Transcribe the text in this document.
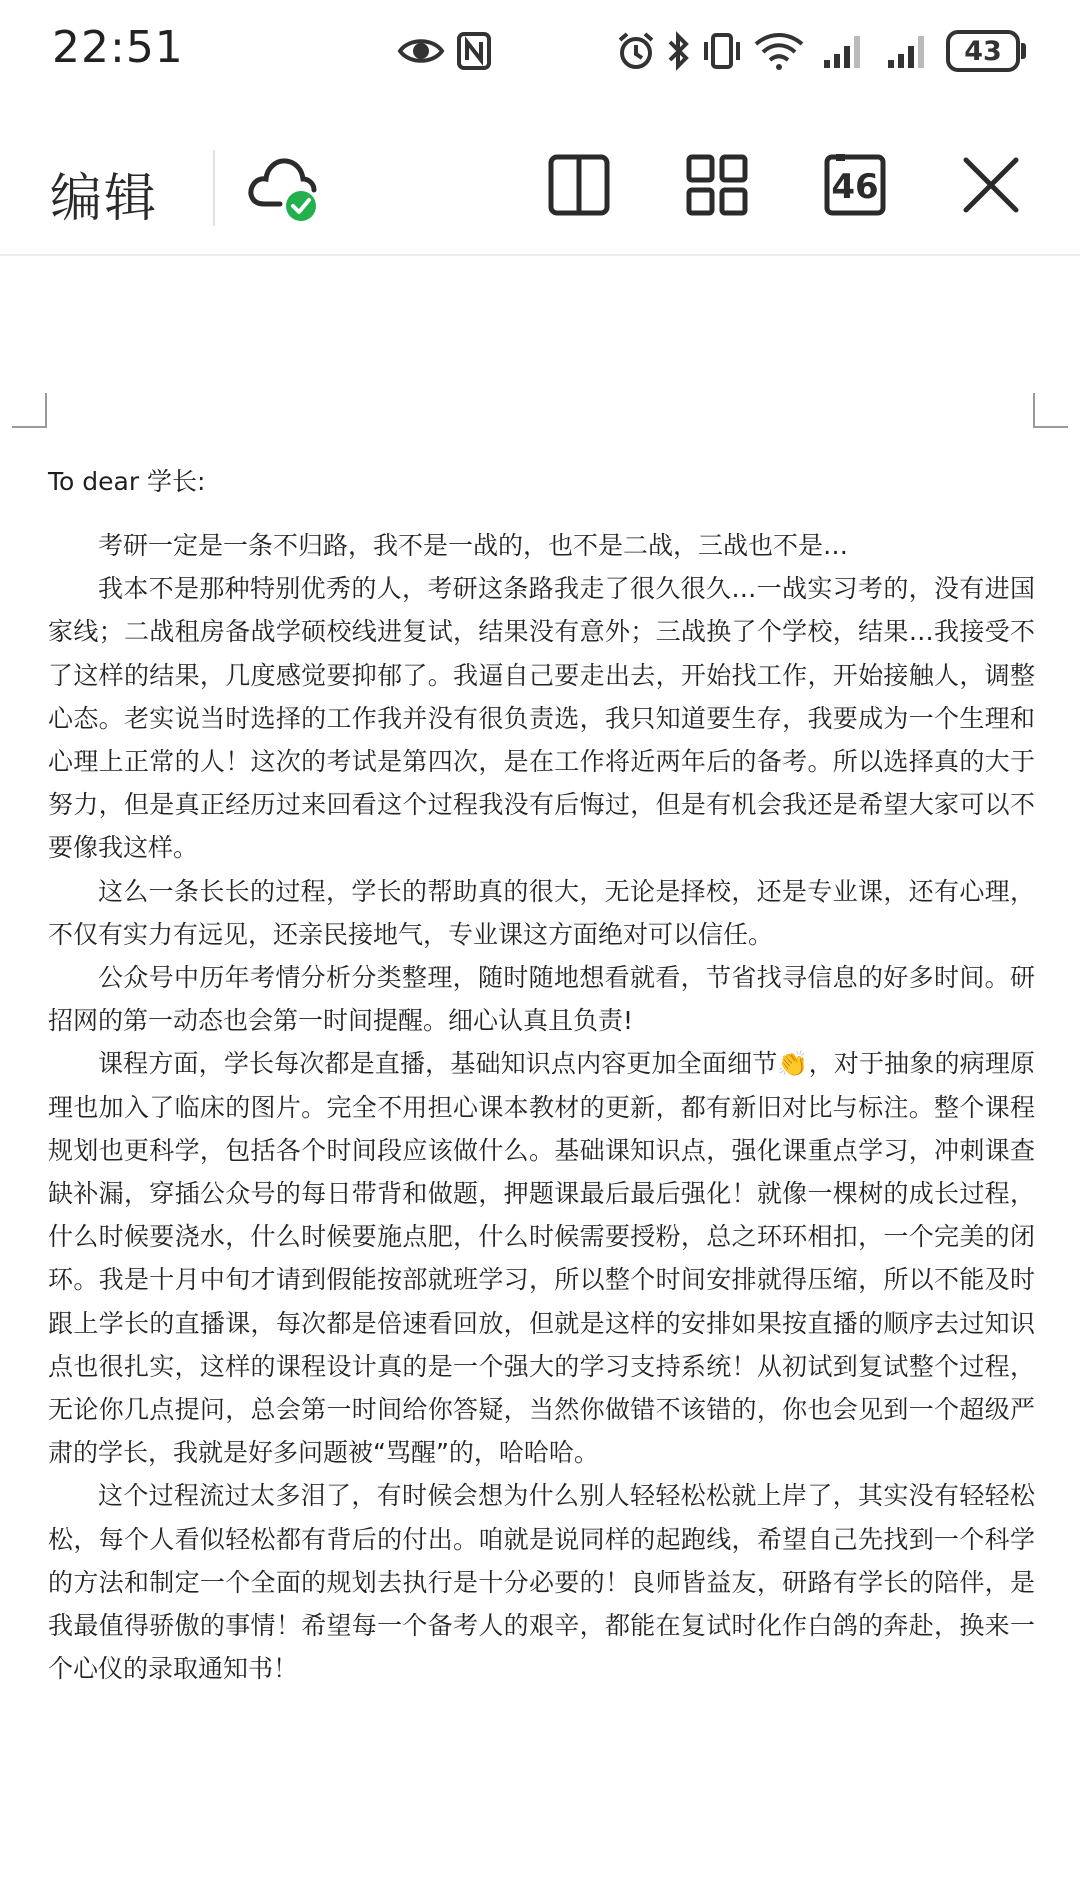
22:51	43
编辑	46
To dear 学长:

考研一定是一条不归路，我不是一战的，也不是二战，三战也不是…

我本不是那种特别优秀的人，考研这条路我走了很久很久…一战实习考的，没有进国家线；二战租房备战学硕校线进复试，结果没有意外；三战换了个学校，结果…我接受不了这样的结果，几度感觉要抑郁了。我逼自己要走出去，开始找工作，开始接触人，调整心态。老实说当时选择的工作我并没有很负责选，我只知道要生存，我要成为一个生理和心理上正常的人！这次的考试是第四次，是在工作将近两年后的备考。所以选择真的大于努力，但是真正经历过来回看这个过程我没有后悔过，但是有机会我还是希望大家可以不要像我这样。

这么一条长长的过程，学长的帮助真的很大，无论是择校，还是专业课，还有心理，不仅有实力有远见，还亲民接地气，专业课这方面绝对可以信任。

公众号中历年考情分析分类整理，随时随地想看就看，节省找寻信息的好多时间。研招网的第一动态也会第一时间提醒。细心认真且负责!

课程方面，学长每次都是直播，基础知识点内容更加全面细节👏，对于抽象的病理原理也加入了临床的图片。完全不用担心课本教材的更新，都有新旧对比与标注。整个课程规划也更科学，包括各个时间段应该做什么。基础课知识点，强化课重点学习，冲刺课查缺补漏，穿插公众号的每日带背和做题，押题课最后最后强化！就像一棵树的成长过程，什么时候要浇水，什么时候要施点肥，什么时候需要授粉，总之环环相扣，一个完美的闭环。我是十月中旬才请到假能按部就班学习，所以整个时间安排就得压缩，所以不能及时跟上学长的直播课，每次都是倍速看回放，但就是这样的安排如果按直播的顺序去过知识点也很扎实，这样的课程设计真的是一个强大的学习支持系统！从初试到复试整个过程，无论你几点提问，总会第一时间给你答疑，当然你做错不该错的，你也会见到一个超级严肃的学长，我就是好多问题被“骂醒”的，哈哈哈。

这个过程流过太多泪了，有时候会想为什么别人轻轻松松就上岸了，其实没有轻轻松松，每个人看似轻松都有背后的付出。咱就是说同样的起跑线，希望自己先找到一个科学的方法和制定一个全面的规划去执行是十分必要的！良师皆益友，研路有学长的陪伴，是我最值得骄傲的事情！希望每一个备考人的艰辛，都能在复试时化作白鸽的奔赴，换来一个心仪的录取通知书！
